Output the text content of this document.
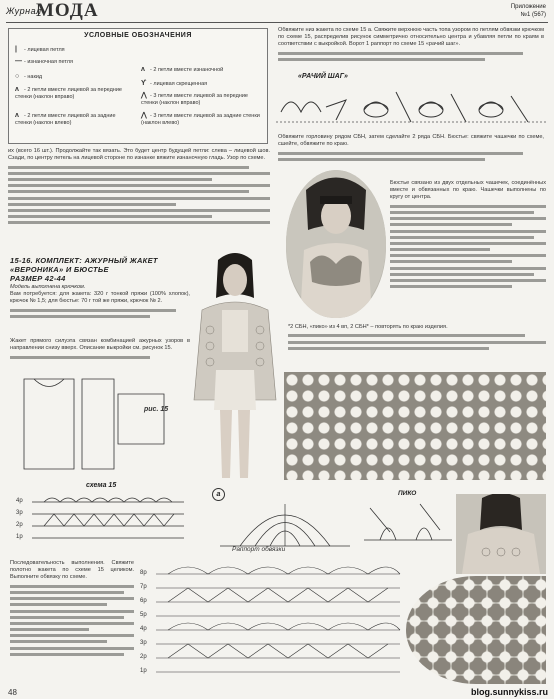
Журнал
МОДА	Приложение
№1 (567)
УСЛОВНЫЕ ОБОЗНАЧЕНИЯ
| - лицевая петля
— - изнаночная петля
○ - накид
ʌ - 2 петли вместе лицевой за передние стенки (наклон вправо)
ʌ - 2 петли вместе лицевой за задние стенки (наклон влево)
ʌ - 2 петли вместе изнаночной
ϒ - лицевая скрещенная
⋀ - 3 петли вместе лицевой за передние стенки (наклон вправо)
⋀ - 3 петли вместе лицевой за задние стенки (наклон влево)
Обвяжите низ жакета по схеме 15 а. Свяжите верхнюю часть топа узором по петлям обвязки крючком по схеме 15, распределив рисунок симметрично относительно центра и убавляя петли по краям в соответствии с выкройкой. Ворот 1 раппорт по схеме 15 «рачий шаг».
«РАЧИЙ ШАГ»
их (всего 16 шт.). Продолжайте так вязать. Это будет центр будущей петли: слева – лицевой шов. Сзади, по центру петель на лицевой стороне по изнанке вяжите изнаночную гладь. Узор по схеме.
Обвяжите горловину рядом СБН, затем сделайте 2 ряда СБН. Бюстье: свяжите чашечки по схеме, сшейте, обвяжите по краю.
Бюстье связано из двух отдельных чашечек, соединённых вместе и обвязанных по краю. Чашечки выполнены по кругу от центра.
*2 СБН, «пико» из 4 вп, 2 СБН* – повторять по краю изделия.
15-16. КОМПЛЕКТ: АЖУРНЫЙ ЖАКЕТ
«ВЕРОНИКА» И БЮСТЬЕ
РАЗМЕР 42-44
Модель выполнена крючком.
Вам потребуется: для жакета: 320 г тонкой пряжи (100% хлопок), крючок № 1,5; для бюстье: 70 г той же пряжи, крючок № 2.
Жакет прямого силуэта связан комбинацией ажурных узоров в направлении снизу вверх. Описание выкройки см. рисунок 15.
рис. 15
схема 15
4р
3р
2р
1р
а
Раппорт обвязки
ПИКО
Последовательность выполнения. Свяжите полотно жакета по схеме 15 целиком. Выполните обвязку по схеме.
8р
7р
6р
5р
4р
3р
2р
1р
48	blog.sunnykiss.ru
